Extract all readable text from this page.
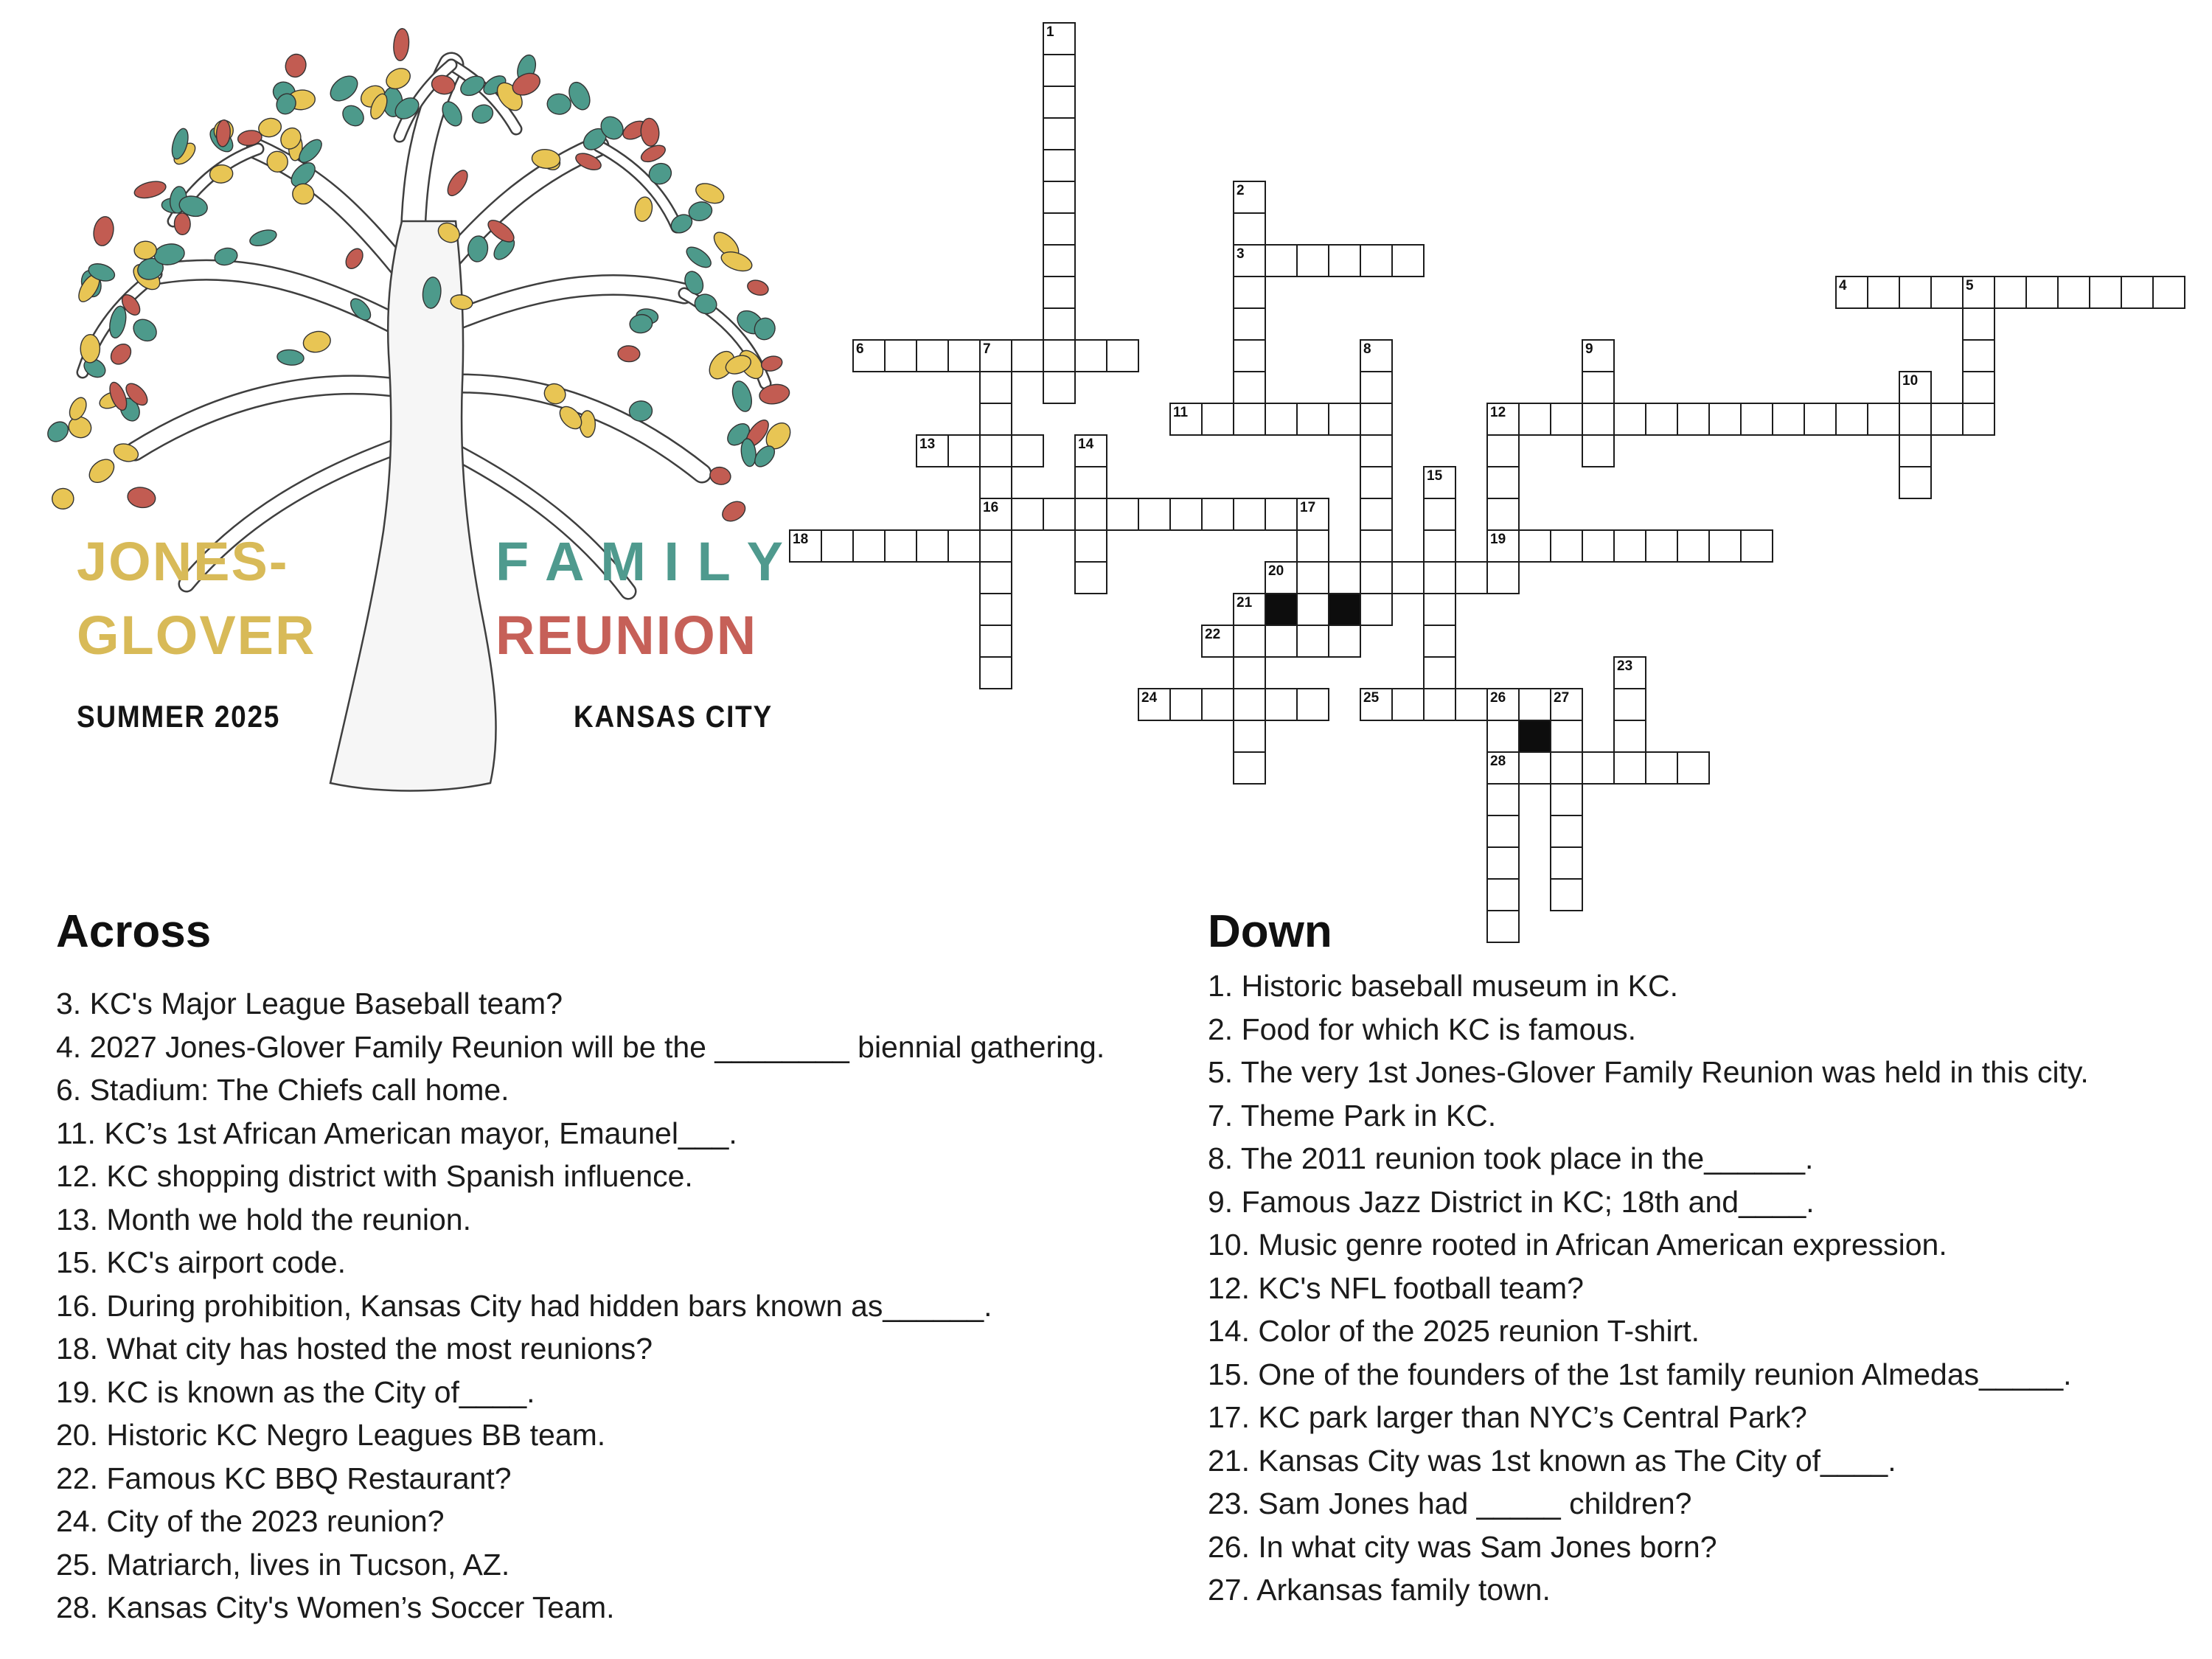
JONES-
GLOVER
F A M I L Y
REUNION
SUMMER 2025	KANSAS CITY
1
2
3
4	5
6	7	8	9
10
11	12
13	14
15
16	17
18	19
20
21
22
23
24	25	26	27
28
Across
3. KC's Major League Baseball team?
4. 2027 Jones-Glover Family Reunion will be the ________ biennial gathering.
6. Stadium: The Chiefs call home.
11. KC’s 1st African American mayor, Emaunel___.
12. KC shopping district with Spanish influence.
13. Month we hold the reunion.
15. KC's airport code.
16. During prohibition, Kansas City had hidden bars known as______.
18. What city has hosted the most reunions?
19. KC is known as the City of____.
20. Historic KC Negro Leagues BB team.
22. Famous KC BBQ Restaurant?
24. City of the 2023 reunion?
25. Matriarch, lives in Tucson, AZ.
28. Kansas City's Women’s Soccer Team.
Down
1. Historic baseball museum in KC.
2. Food for which KC is famous.
5. The very 1st Jones-Glover Family Reunion was held in this city.
7. Theme Park in KC.
8. The 2011 reunion took place in the______.
9. Famous Jazz District in KC; 18th and____.
10. Music genre rooted in African American expression.
12. KC's NFL football team?
14. Color of the 2025 reunion T-shirt.
15. One of the founders of the 1st family reunion Almedas_____.
17. KC park larger than NYC’s Central Park?
21. Kansas City was 1st known as The City of____.
23. Sam Jones had _____ children?
26. In what city was Sam Jones born?
27. Arkansas family town.
